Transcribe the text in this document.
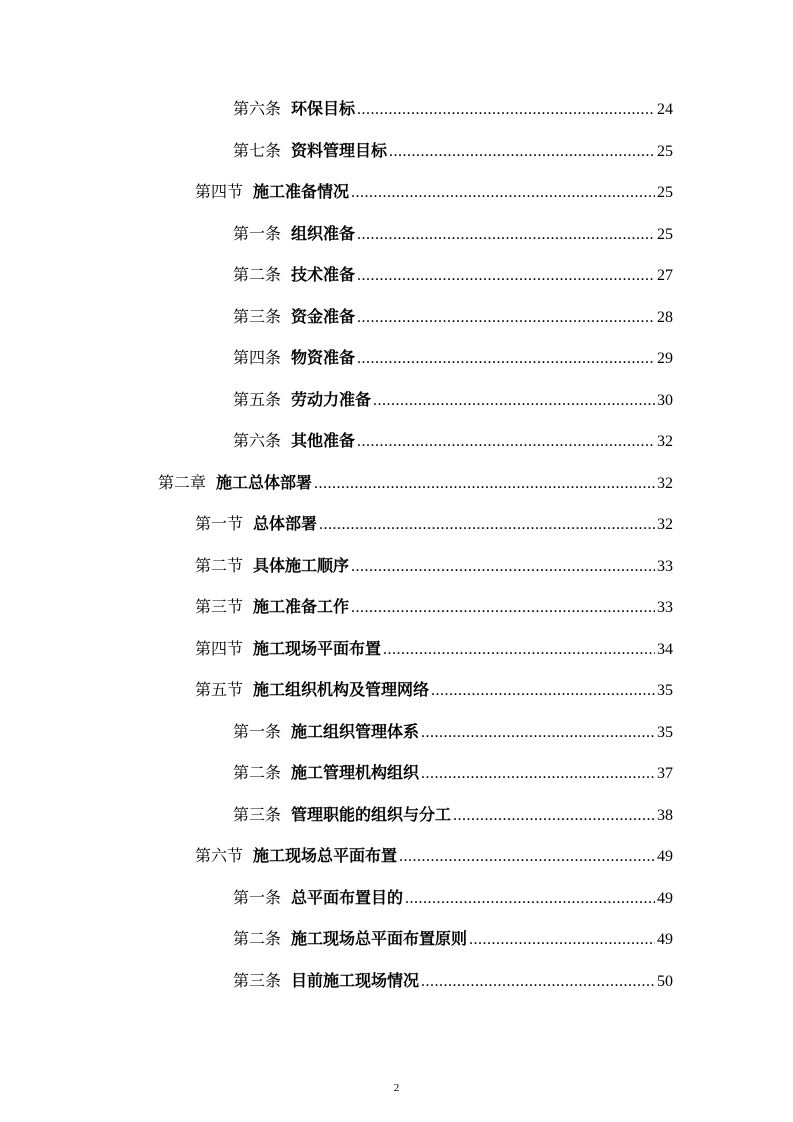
第六条 环保目标 .....	24
第七条 资料管理目标 .....	25
第四节 施工准备情况 .....	25
第一条 组织准备 .....	25
第二条 技术准备 .....	27
第三条 资金准备 .....	28
第四条 物资准备 .....	29
第五条 劳动力准备 .....	30
第六条 其他准备 .....	32
第二章 施工总体部署 .....	32
第一节 总体部署 .....	32
第二节 具体施工顺序 .....	33
第三节 施工准备工作 .....	33
第四节 施工现场平面布置 .....	34
第五节 施工组织机构及管理网络 .....	35
第一条 施工组织管理体系 .....	35
第二条 施工管理机构组织 .....	37
第三条 管理职能的组织与分工 .....	38
第六节 施工现场总平面布置 .....	49
第一条 总平面布置目的 .....	49
第二条 施工现场总平面布置原则 .....	49
第三条 目前施工现场情况 .....	50
2
